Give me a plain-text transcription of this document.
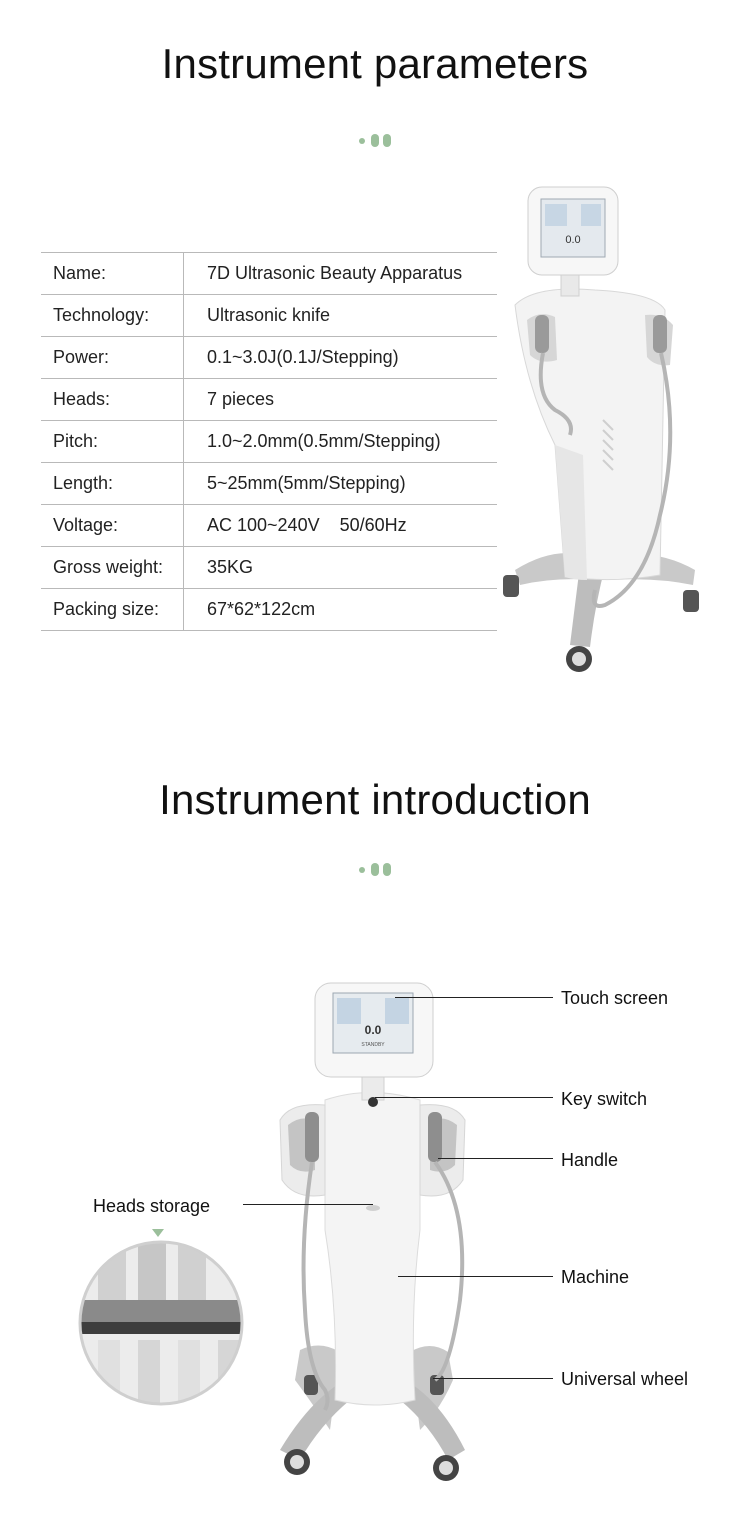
Instrument parameters
Name:	7D Ultrasonic Beauty Apparatus
Technology:	Ultrasonic knife
Power:	0.1~3.0J(0.1J/Stepping)
Heads:	7 pieces
Pitch:	1.0~2.0mm(0.5mm/Stepping)
Length:	5~25mm(5mm/Stepping)
Voltage:	AC 100~240V    50/60Hz
Gross weight:	35KG
Packing size:	67*62*122cm
0.0
Instrument introduction
0.0
STANDBY
Touch screen
Key switch
Handle
Heads storage
Machine
Universal wheel
